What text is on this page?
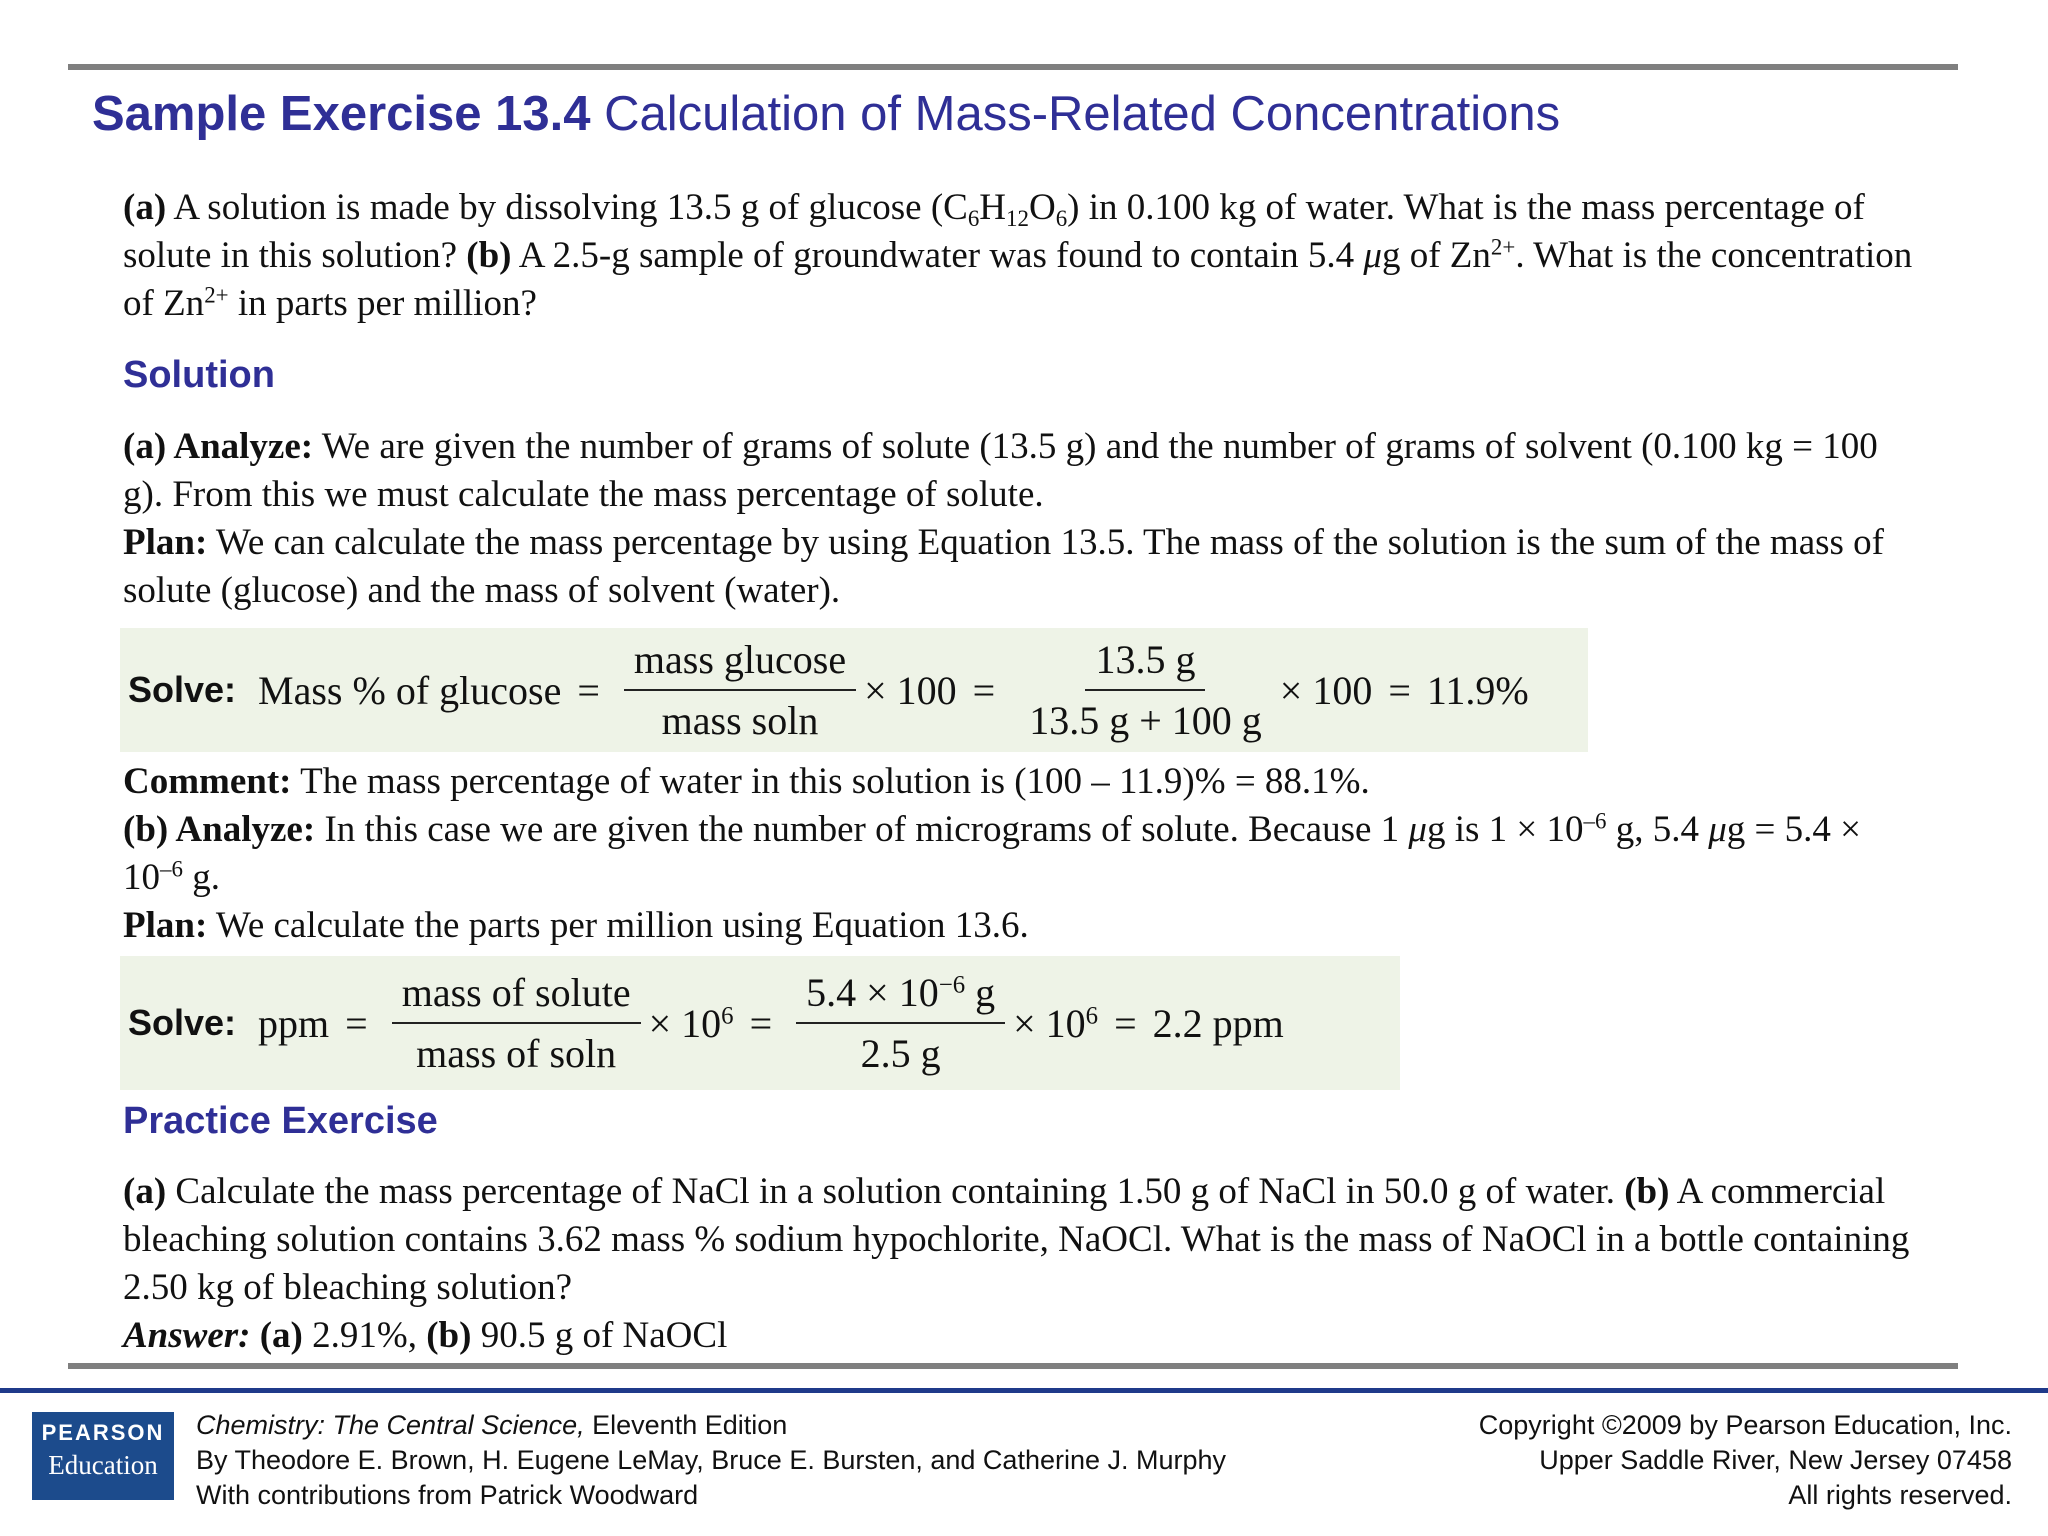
Sample Exercise 13.4 Calculation of Mass-Related Concentrations
(a) A solution is made by dissolving 13.5 g of glucose $(C_6H_{12}O_6)$ in 0.100 kg of water. What is the mass percentage of solute in this solution? (b) A 2.5-g sample of groundwater was found to contain 5.4 μg of $Zn^{2+}$. What is the concentration of $Zn^{2+}$ in parts per million?
Solution
(a) Analyze: We are given the number of grams of solute (13.5 g) and the number of grams of solvent (0.100 kg = 100 g). From this we must calculate the mass percentage of solute.
Plan: We can calculate the mass percentage by using Equation 13.5. The mass of the solution is the sum of the mass of solute (glucose) and the mass of solvent (water).
Solve: Mass % of $glucose = \frac{\text{mass glucose}}{\text{mass soln}} \times 100 = \frac{13.5 g}{13.5 g + 100 g} \times 100 = 11.9\%$
Comment: The mass percentage of water in this solution is (100 – 11.9)% = 88.1%.
(b) Analyze: In this case we are given the number of micrograms of solute. Because 1 μg is $1 \times 10^{-6}$ g, 5.4 $\mu g = 5.4 \times 10^{-6}$ g.
Plan: We calculate the parts per million using Equation 13.6.
Solve: ppm = $\frac{\text{mass of solute}}{\text{mass of soln}} \times 10^6 = \frac{5.4 \times 10^{-6} g}{2.5 g} \times 10^6 = 2.2$ ppm
Practice Exercise
(a) Calculate the mass percentage of NaCl in a solution containing 1.50 g of NaCl in 50.0 g of water. (b) A commercial bleaching solution contains 3.62 mass % sodium hypochlorite, NaOCl. What is the mass of NaOCl in a bottle containing 2.50 kg of bleaching solution?
Answer: (a) 2.91%, (b) 90.5 g of NaOCl
PEARSON
Education
Chemistry: The Central Science, Eleventh Edition
By Theodore E. Brown, H. Eugene LeMay, Bruce E. Bursten, and Catherine J. Murphy
With contributions from Patrick Woodward
Copyright ©2009 by Pearson Education, Inc.
Upper Saddle River, New Jersey 07458
All rights reserved.
